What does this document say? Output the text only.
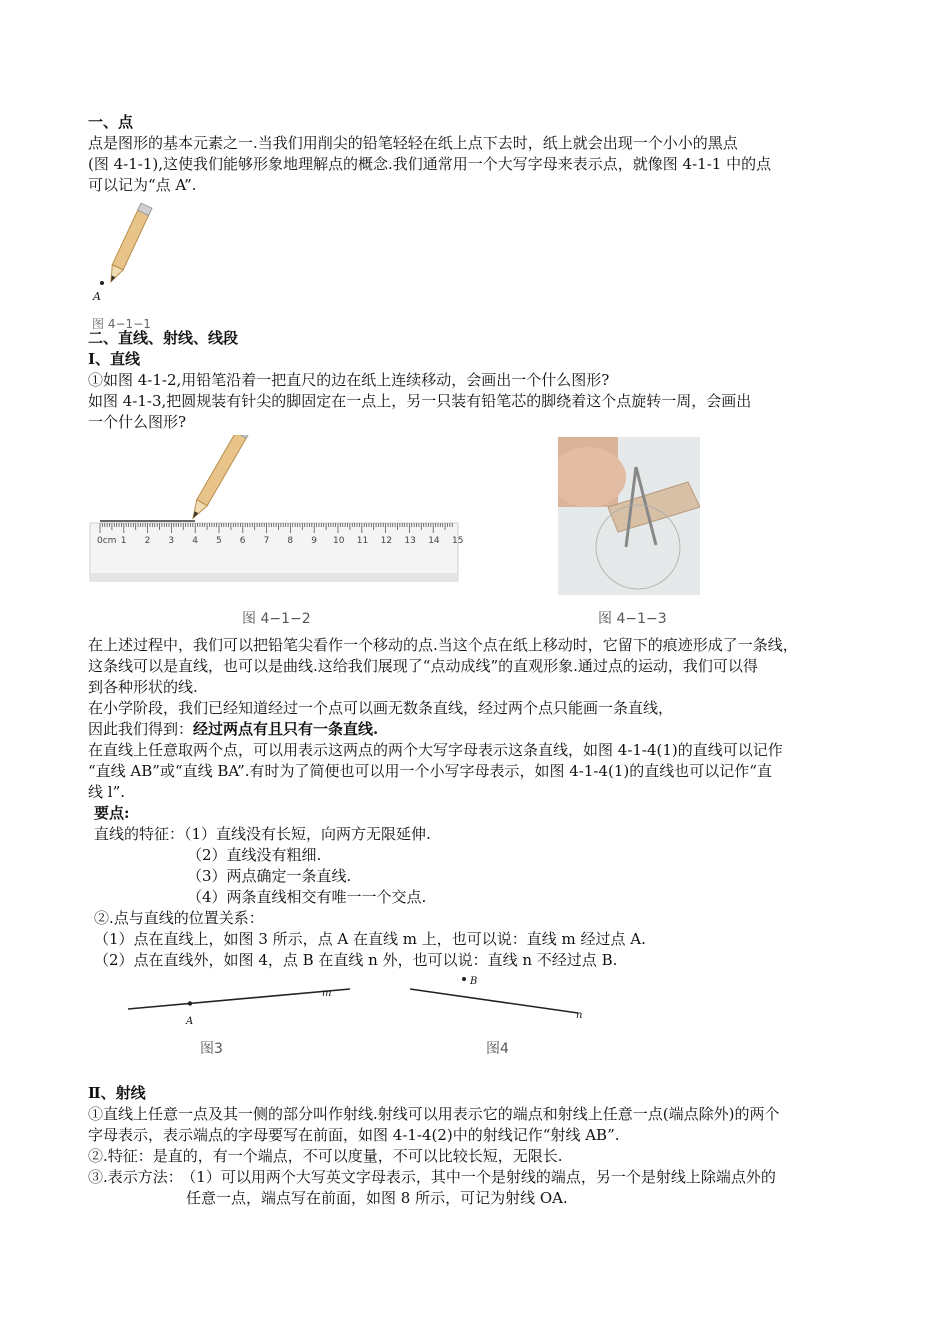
一、点
点是图形的基本元素之一.当我们用削尖的铅笔轻轻在纸上点下去时，纸上就会出现一个小小的黑点
(图 4-1-1),这使我们能够形象地理解点的概念.我们通常用一个大写字母来表示点，就像图 4-1-1 中的点
可以记为“点 A”.
A
图 4−1−1
二、直线、射线、线段
Ⅰ、直线
①如图 4-1-2,用铅笔沿着一把直尺的边在纸上连续移动，会画出一个什么图形?
如图 4-1-3,把圆规装有针尖的脚固定在一点上，另一只装有铅笔芯的脚绕着这个点旋转一周，会画出
一个什么图形?
0cm 1 2 3 4 5 6 7 8 9 10 11 12 13 14 15
图 4−1−2	图 4−1−3
在上述过程中，我们可以把铅笔尖看作一个移动的点.当这个点在纸上移动时，它留下的痕迹形成了一条线，
这条线可以是直线，也可以是曲线.这给我们展现了“点动成线”的直观形象.通过点的运动，我们可以得
到各种形状的线.
在小学阶段，我们已经知道经过一个点可以画无数条直线，经过两个点只能画一条直线，
因此我们得到：经过两点有且只有一条直线.
在直线上任意取两个点，可以用表示这两点的两个大写字母表示这条直线，如图 4-1-4(1)的直线可以记作
“直线 AB”或“直线 BA”.有时为了简便也可以用一个小写字母表示，如图 4-1-4(1)的直线也可以记作“直
线 l”.
要点:
直线的特征：（1）直线没有长短，向两方无限延伸.
（2）直线没有粗细.
（3）两点确定一条直线.
（4）两条直线相交有唯一一个交点.
②.点与直线的位置关系：
（1）点在直线上，如图 3 所示，点 A 在直线 m 上，也可以说：直线 m 经过点 A.
（2）点在直线外，如图 4，点 B 在直线 n 外，也可以说：直线 n 不经过点 B.
A
m
图3
B
n
图4
Ⅱ、射线
①直线上任意一点及其一侧的部分叫作射线.射线可以用表示它的端点和射线上任意一点(端点除外)的两个
字母表示，表示端点的字母要写在前面，如图 4-1-4(2)中的射线记作“射线 AB”.
②.特征：是直的，有一个端点，不可以度量，不可以比较长短，无限长.
③.表示方法： （1）可以用两个大写英文字母表示，其中一个是射线的端点，另一个是射线上除端点外的
任意一点，端点写在前面，如图 8 所示，可记为射线 OA.
